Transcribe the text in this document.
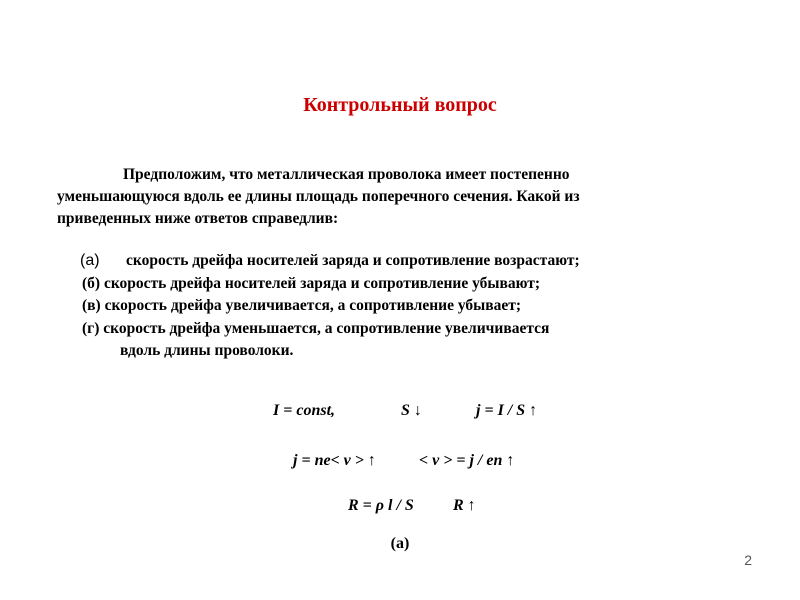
Контрольный вопрос
Предположим, что металлическая проволока имеет постепенно
уменьшающуюся вдоль ее длины площадь поперечного сечения. Какой из
приведенных ниже ответов справедлив:
(а) скорость дрейфа носителей заряда и сопротивление возрастают;
(б) скорость дрейфа носителей заряда и сопротивление убывают;
(в) скорость дрейфа увеличивается, а сопротивление убывает;
(г) скорость дрейфа уменьшается, а сопротивление увеличивается
вдоль длины проволоки.
I = const,	S ↓	j = I / S ↑
j = ne< v > ↑	< v > = j / en ↑
R = ρ l / S R ↑
(а)
2
